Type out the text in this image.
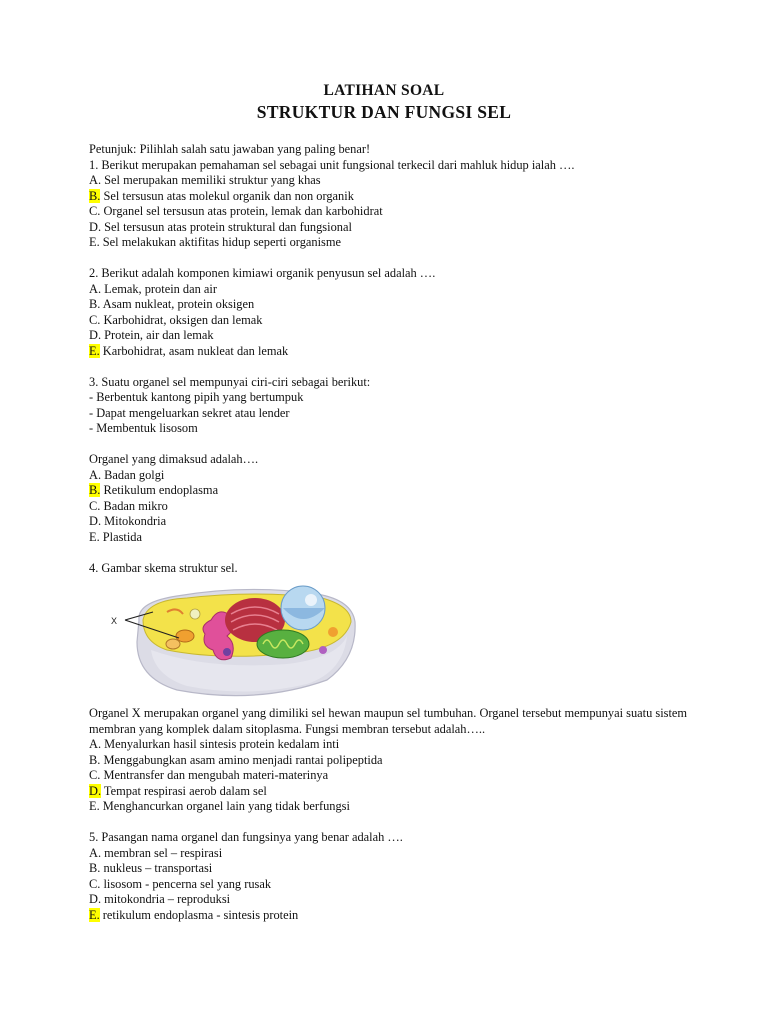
LATIHAN SOAL
STRUKTUR DAN FUNGSI SEL
Petunjuk: Pilihlah salah satu jawaban yang paling benar!
1. Berikut merupakan pemahaman sel sebagai unit fungsional terkecil dari mahluk hidup ialah ….
A. Sel merupakan memiliki struktur yang khas
B. Sel tersusun atas molekul organik dan non organik
C. Organel sel tersusun atas protein, lemak dan karbohidrat
D. Sel tersusun atas protein struktural dan fungsional
E. Sel melakukan aktifitas hidup seperti organisme
2. Berikut adalah komponen kimiawi organik penyusun sel adalah ….
A. Lemak, protein dan air
B. Asam nukleat, protein oksigen
C. Karbohidrat, oksigen dan lemak
D. Protein, air dan lemak
E. Karbohidrat, asam nukleat dan lemak
3. Suatu organel sel mempunyai ciri-ciri sebagai berikut:
- Berbentuk kantong pipih yang bertumpuk
- Dapat mengeluarkan sekret atau lender
- Membentuk lisosom
Organel yang dimaksud adalah….
A. Badan golgi
B. Retikulum endoplasma
C. Badan mikro
D. Mitokondria
E. Plastida
4. Gambar skema struktur sel.
X
Organel X merupakan organel yang dimiliki sel hewan maupun sel tumbuhan. Organel tersebut mempunyai suatu sistem membran yang komplek dalam sitoplasma. Fungsi membran tersebut adalah…..
A. Menyalurkan hasil sintesis protein kedalam inti
B. Menggabungkan asam amino menjadi rantai polipeptida
C. Mentransfer dan mengubah materi-materinya
D. Tempat respirasi aerob dalam sel
E. Menghancurkan organel lain yang tidak berfungsi
5. Pasangan nama organel dan fungsinya yang benar adalah ….
A. membran sel – respirasi
B. nukleus – transportasi
C. lisosom - pencerna sel yang rusak
D. mitokondria – reproduksi
E. retikulum endoplasma - sintesis protein
